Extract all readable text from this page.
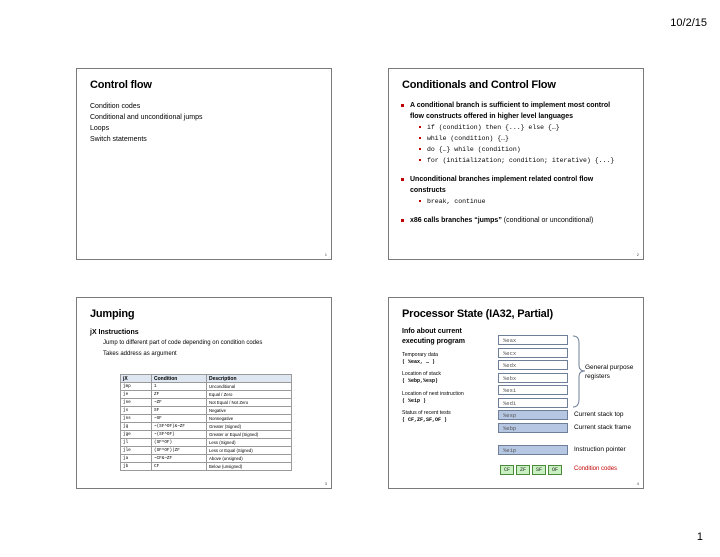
10/2/15
Control flow
Condition codes
Conditional and unconditional jumps
Loops
Switch statements
1
Conditionals and Control Flow
A conditional branch is sufficient to implement most control
flow constructs offered in higher level languages
if (condition) then {...} else {…}
while (condition) {…}
do {…} while (condition)
for (initialization; condition; iterative) {...}
Unconditional branches implement related control flow
constructs
break, continue
x86 calls branches “jumps” (conditional or unconditional)
2
Jumping
jX Instructions
Jump to different part of code depending on condition codes
Takes address as argument
jX	Condition	Description
jmp	1	Unconditional
je	ZF	Equal / Zero
jne	~ZF	Not Equal / Not Zero
js	SF	Negative
jns	~SF	Nonnegative
jg	~(SF^OF)&~ZF	Greater (Signed)
jge	~(SF^OF)	Greater or Equal (Signed)
jl	(SF^OF)	Less (Signed)
jle	(SF^OF)|ZF	Less or Equal (Signed)
ja	~CF&~ZF	Above (unsigned)
jb	CF	Below (unsigned)
3
Processor State (IA32, Partial)
4
Info about current
executing program
Temporary data
( %eax, … )
Location of stack
( %ebp,%esp)
Location of next instruction
( %eip )
Status of recent tests
( CF,ZF,SF,OF )
%eax
%ecx
%edx
%ebx
%esi
%edi
%esp
%ebp
%eip
General purpose
registers
Current stack top
Current stack frame
Instruction pointer
CF	ZF	SF	OF	Condition codes
1
